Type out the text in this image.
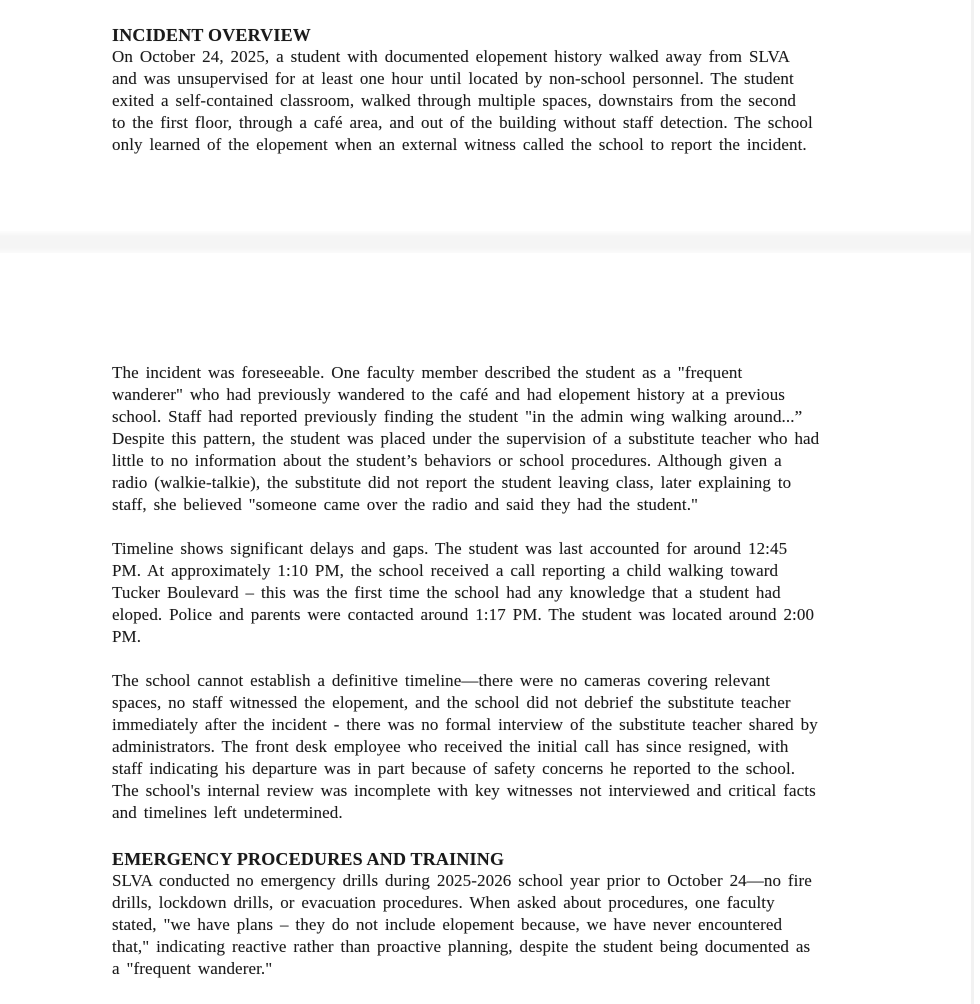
INCIDENT OVERVIEW
On October 24, 2025, a student with documented elopement history walked away from SLVA
and was unsupervised for at least one hour until located by non-school personnel. The student
exited a self-contained classroom, walked through multiple spaces, downstairs from the second
to the first floor, through a café area, and out of the building without staff detection. The school
only learned of the elopement when an external witness called the school to report the incident.
The incident was foreseeable. One faculty member described the student as a "frequent
wanderer" who had previously wandered to the café and had elopement history at a previous
school. Staff had reported previously finding the student "in the admin wing walking around...”
Despite this pattern, the student was placed under the supervision of a substitute teacher who had
little to no information about the student’s behaviors or school procedures. Although given a
radio (walkie-talkie), the substitute did not report the student leaving class, later explaining to
staff, she believed "someone came over the radio and said they had the student."
Timeline shows significant delays and gaps. The student was last accounted for around 12:45
PM. At approximately 1:10 PM, the school received a call reporting a child walking toward
Tucker Boulevard – this was the first time the school had any knowledge that a student had
eloped. Police and parents were contacted around 1:17 PM. The student was located around 2:00
PM.
The school cannot establish a definitive timeline—there were no cameras covering relevant
spaces, no staff witnessed the elopement, and the school did not debrief the substitute teacher
immediately after the incident - there was no formal interview of the substitute teacher shared by
administrators. The front desk employee who received the initial call has since resigned, with
staff indicating his departure was in part because of safety concerns he reported to the school.
The school's internal review was incomplete with key witnesses not interviewed and critical facts
and timelines left undetermined.
EMERGENCY PROCEDURES AND TRAINING
SLVA conducted no emergency drills during 2025-2026 school year prior to October 24—no fire
drills, lockdown drills, or evacuation procedures. When asked about procedures, one faculty
stated, "we have plans – they do not include elopement because, we have never encountered
that," indicating reactive rather than proactive planning, despite the student being documented as
a "frequent wanderer."
